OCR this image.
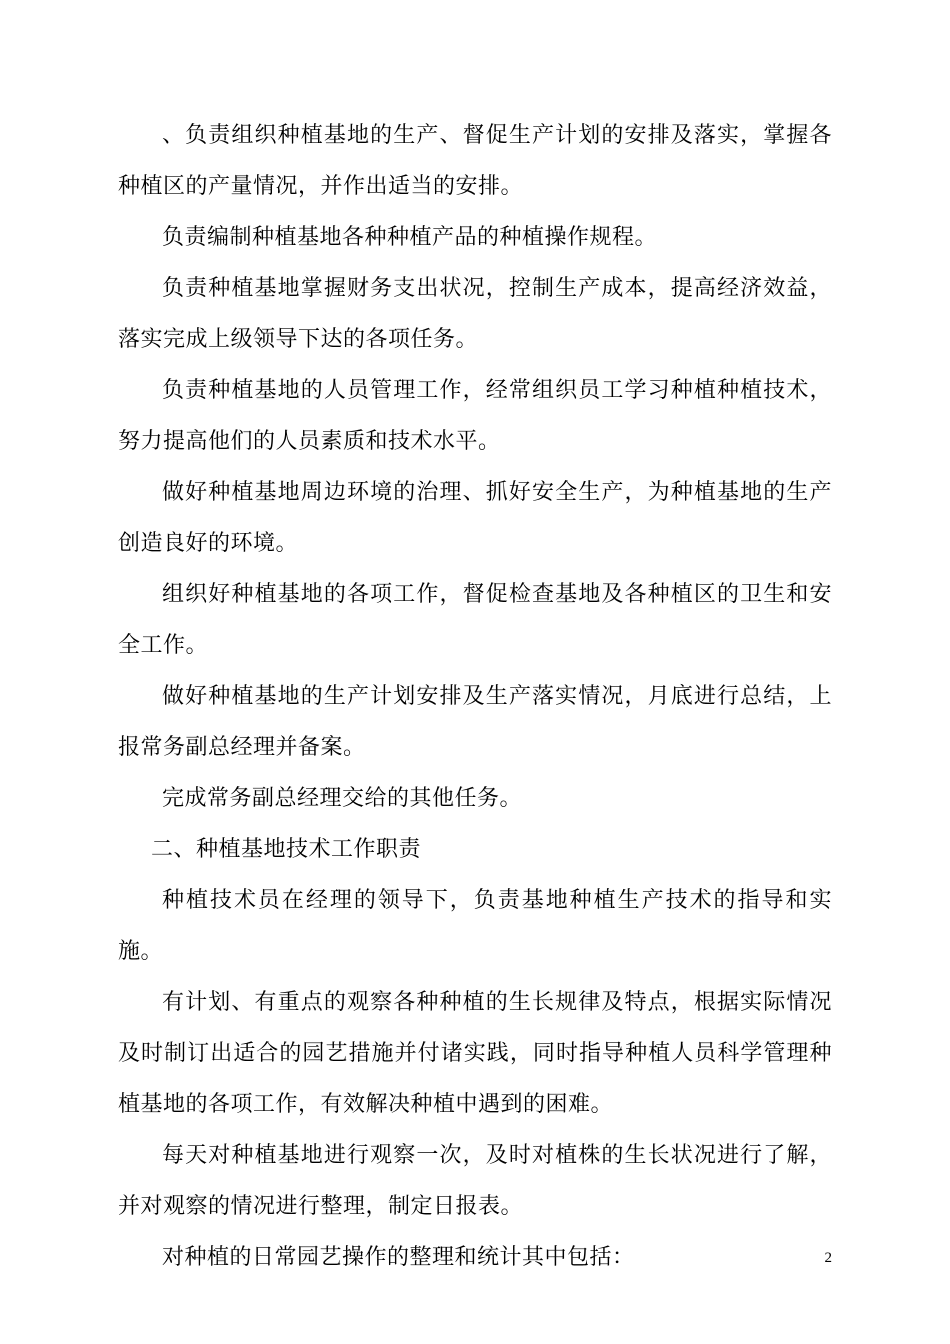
、负责组织种植基地的生产、督促生产计划的安排及落实，掌握各种植区的产量情况，并作出适当的安排。

负责编制种植基地各种种植产品的种植操作规程。

负责种植基地掌握财务支出状况，控制生产成本，提高经济效益，落实完成上级领导下达的各项任务。

负责种植基地的人员管理工作，经常组织员工学习种植种植技术，努力提高他们的人员素质和技术水平。

做好种植基地周边环境的治理、抓好安全生产，为种植基地的生产创造良好的环境。

组织好种植基地的各项工作，督促检查基地及各种植区的卫生和安全工作。

做好种植基地的生产计划安排及生产落实情况，月底进行总结，上报常务副总经理并备案。

完成常务副总经理交给的其他任务。

二、种植基地技术工作职责

种植技术员在经理的领导下，负责基地种植生产技术的指导和实施。

有计划、有重点的观察各种种植的生长规律及特点，根据实际情况及时制订出适合的园艺措施并付诸实践，同时指导种植人员科学管理种植基地的各项工作，有效解决种植中遇到的困难。

每天对种植基地进行观察一次，及时对植株的生长状况进行了解，并对观察的情况进行整理，制定日报表。

对种植的日常园艺操作的整理和统计其中包括：	2
